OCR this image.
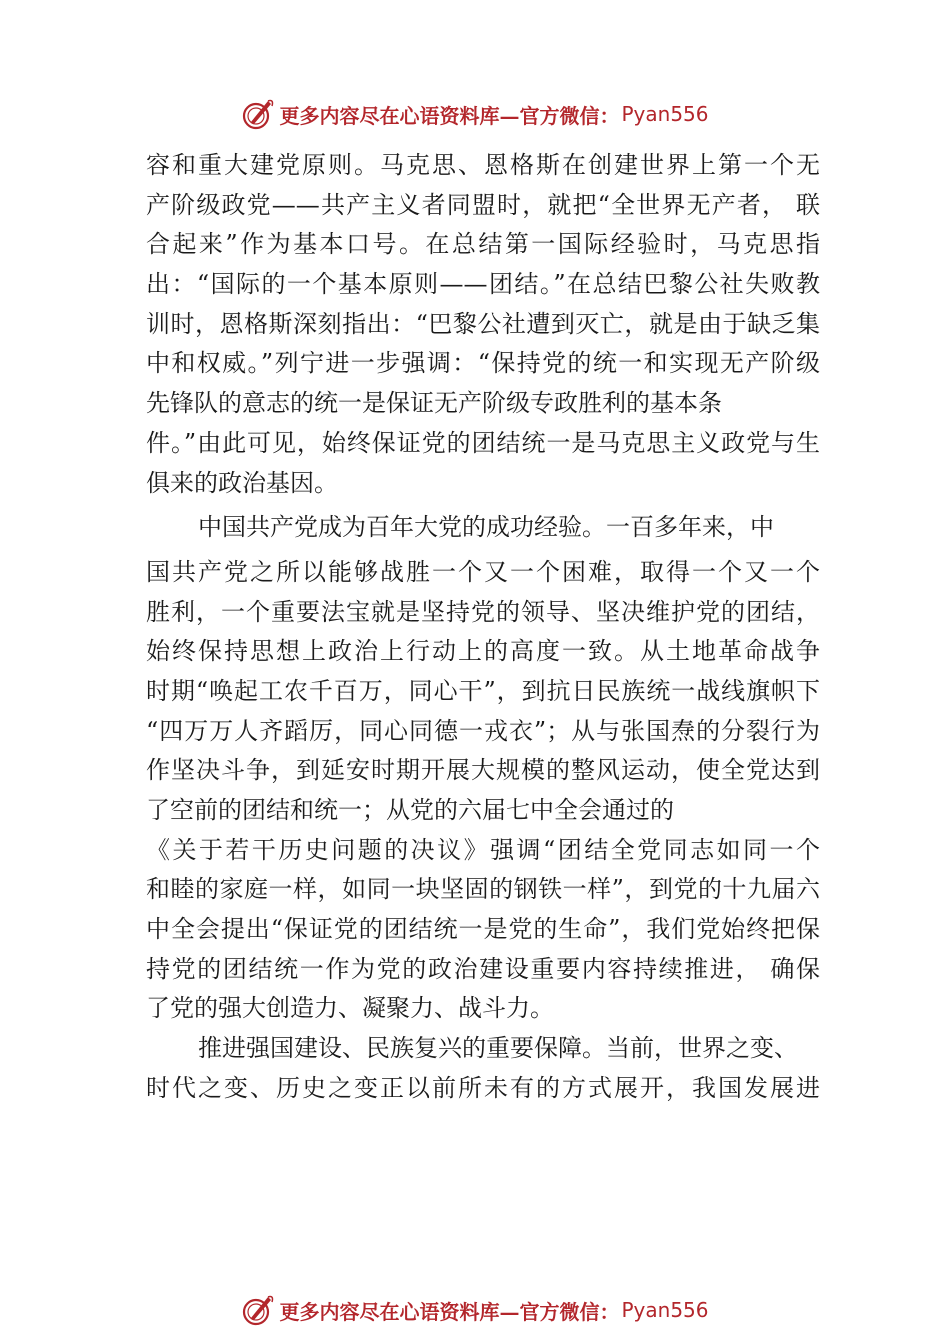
更多内容尽在心语资料库—官方微信： Pyan556
容和重大建党原则。马克思、恩格斯在创建世界上第一个无
产阶级政党——共产主义者同盟时，就把“全世界无产者， 联
合起来”作为基本口号。在总结第一国际经验时，马克思指
出：“国际的一个基本原则——团结。”在总结巴黎公社失败教
训时，恩格斯深刻指出：“巴黎公社遭到灭亡，就是由于缺乏集
中和权威。”列宁进一步强调：“保持党的统一和实现无产阶级
先锋队的意志的统一是保证无产阶级专政胜利的基本条
件。”由此可见，始终保证党的团结统一是马克思主义政党与生
俱来的政治基因。
中国共产党成为百年大党的成功经验。一百多年来，中
国共产党之所以能够战胜一个又一个困难，取得一个又一个
胜利，一个重要法宝就是坚持党的领导、坚决维护党的团结，
始终保持思想上政治上行动上的高度一致。从土地革命战争
时期“唤起工农千百万，同心干”，到抗日民族统一战线旗帜下
“四万万人齐蹈厉，同心同德一戎衣”；从与张国焘的分裂行为
作坚决斗争，到延安时期开展大规模的整风运动，使全党达到
了空前的团结和统一；从党的六届七中全会通过的
《关于若干历史问题的决议》强调“团结全党同志如同一个
和睦的家庭一样，如同一块坚固的钢铁一样”，到党的十九届六
中全会提出“保证党的团结统一是党的生命”，我们党始终把保
持党的团结统一作为党的政治建设重要内容持续推进， 确保
了党的强大创造力、凝聚力、战斗力。
推进强国建设、民族复兴的重要保障。当前，世界之变、
时代之变、历史之变正以前所未有的方式展开，我国发展进
更多内容尽在心语资料库—官方微信： Pyan556
